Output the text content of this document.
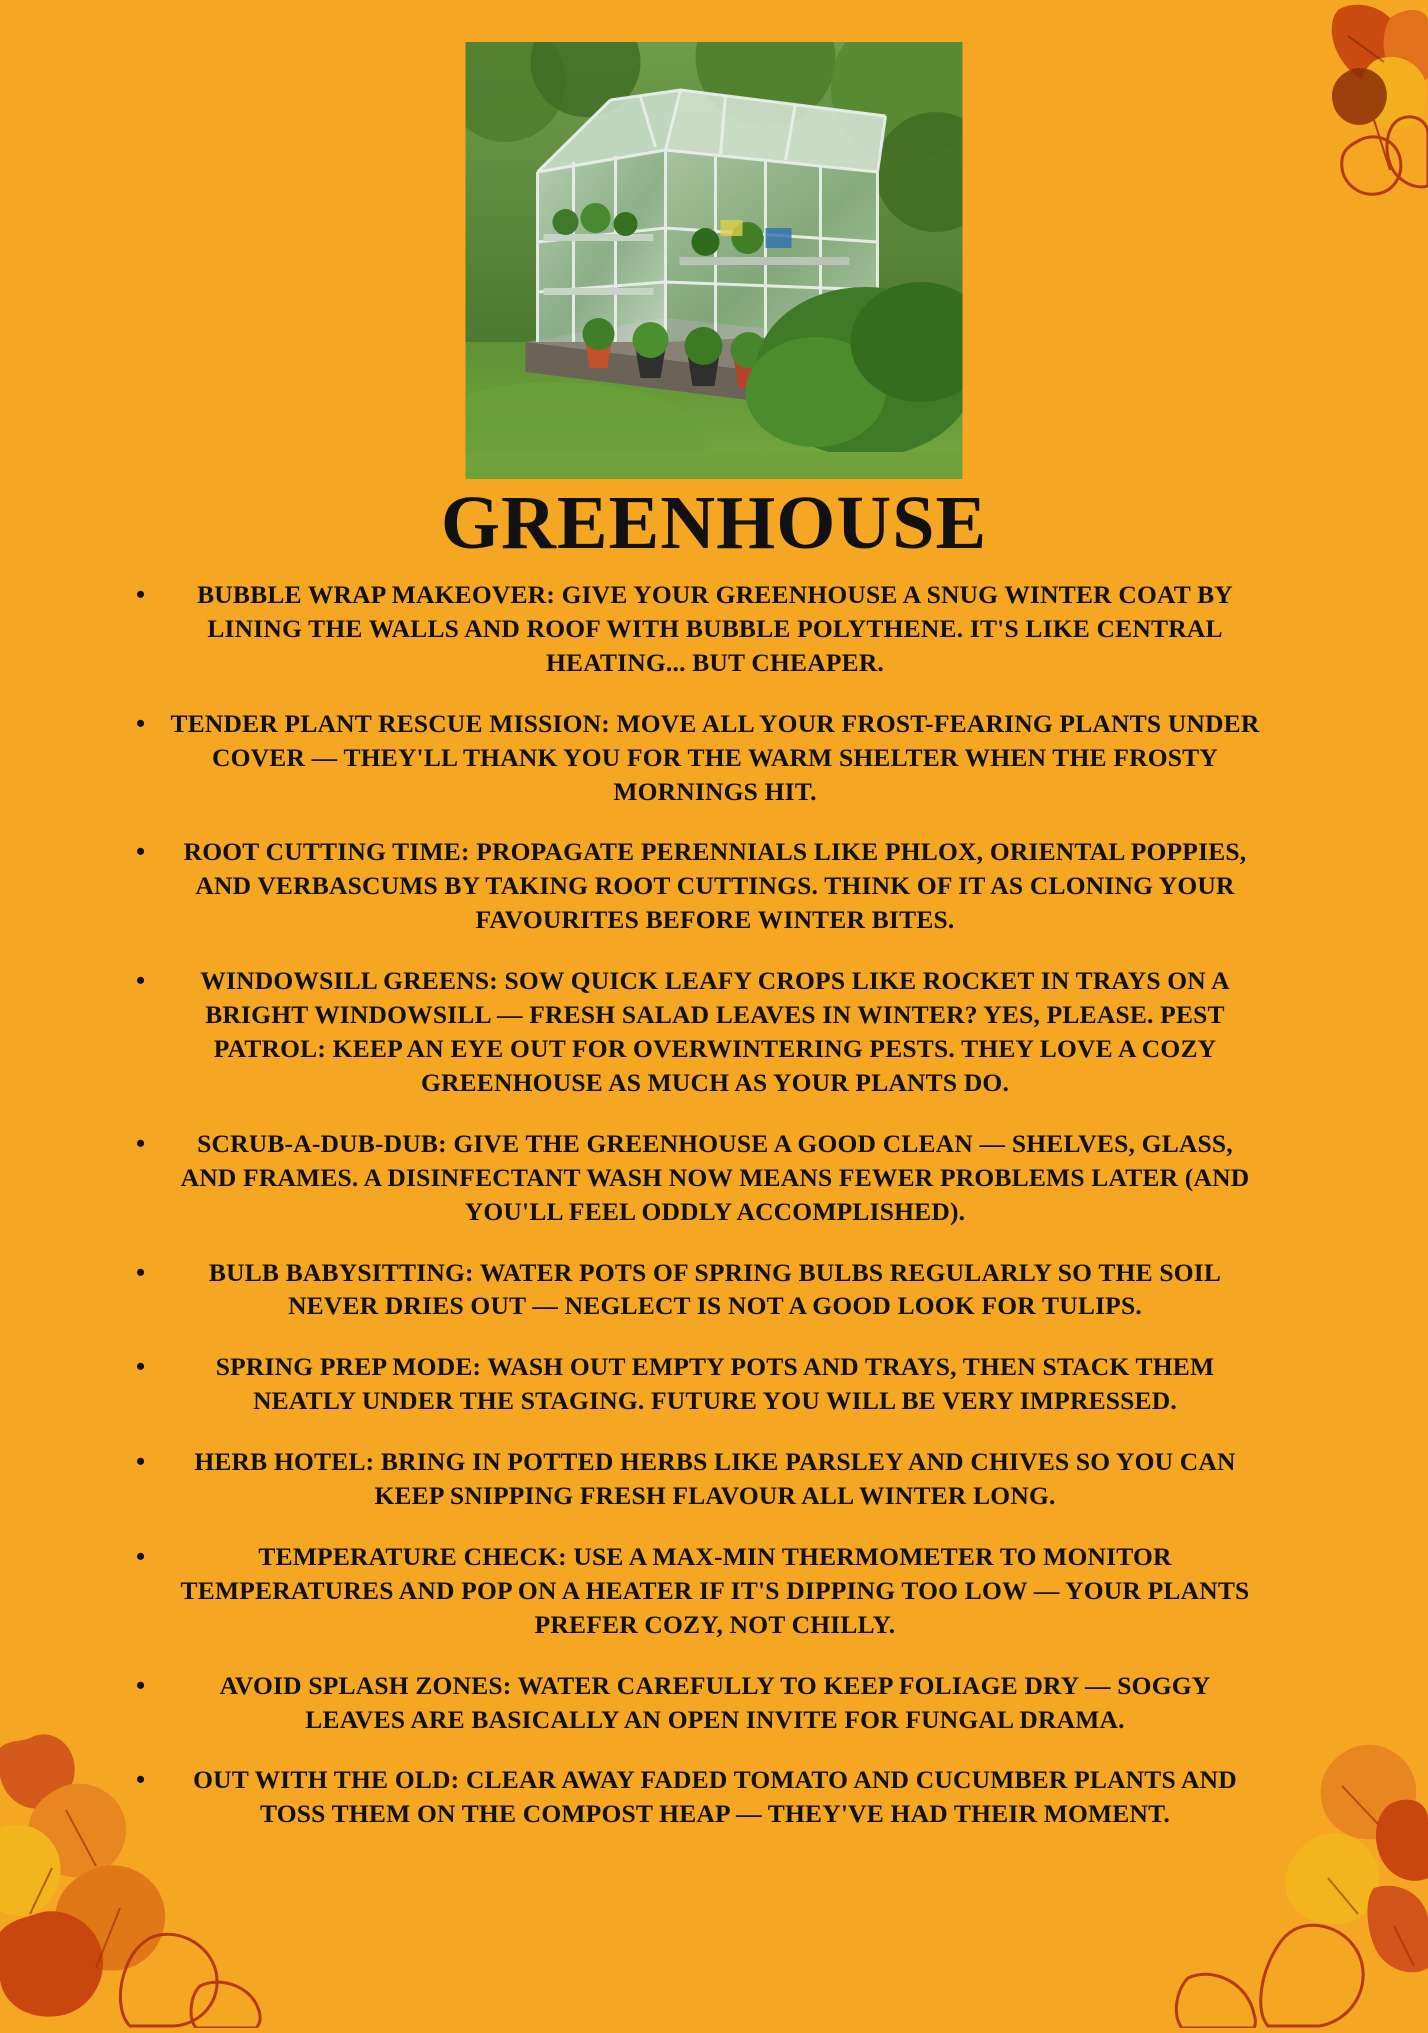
GREENHOUSE
• BUBBLE WRAP MAKEOVER: GIVE YOUR GREENHOUSE A SNUG WINTER COAT BY LINING THE WALLS AND ROOF WITH BUBBLE POLYTHENE. IT'S LIKE CENTRAL HEATING... BUT CHEAPER.
• TENDER PLANT RESCUE MISSION: MOVE ALL YOUR FROST-FEARING PLANTS UNDER COVER — THEY'LL THANK YOU FOR THE WARM SHELTER WHEN THE FROSTY MORNINGS HIT.
• ROOT CUTTING TIME: PROPAGATE PERENNIALS LIKE PHLOX, ORIENTAL POPPIES, AND VERBASCUMS BY TAKING ROOT CUTTINGS. THINK OF IT AS CLONING YOUR FAVOURITES BEFORE WINTER BITES.
• WINDOWSILL GREENS: SOW QUICK LEAFY CROPS LIKE ROCKET IN TRAYS ON A BRIGHT WINDOWSILL — FRESH SALAD LEAVES IN WINTER? YES, PLEASE. PEST PATROL: KEEP AN EYE OUT FOR OVERWINTERING PESTS. THEY LOVE A COZY GREENHOUSE AS MUCH AS YOUR PLANTS DO.
• SCRUB-A-DUB-DUB: GIVE THE GREENHOUSE A GOOD CLEAN — SHELVES, GLASS, AND FRAMES. A DISINFECTANT WASH NOW MEANS FEWER PROBLEMS LATER (AND YOU'LL FEEL ODDLY ACCOMPLISHED).
• BULB BABYSITTING: WATER POTS OF SPRING BULBS REGULARLY SO THE SOIL NEVER DRIES OUT — NEGLECT IS NOT A GOOD LOOK FOR TULIPS.
• SPRING PREP MODE: WASH OUT EMPTY POTS AND TRAYS, THEN STACK THEM NEATLY UNDER THE STAGING. FUTURE YOU WILL BE VERY IMPRESSED.
• HERB HOTEL: BRING IN POTTED HERBS LIKE PARSLEY AND CHIVES SO YOU CAN KEEP SNIPPING FRESH FLAVOUR ALL WINTER LONG.
• TEMPERATURE CHECK: USE A MAX-MIN THERMOMETER TO MONITOR TEMPERATURES AND POP ON A HEATER IF IT'S DIPPING TOO LOW — YOUR PLANTS PREFER COZY, NOT CHILLY.
• AVOID SPLASH ZONES: WATER CAREFULLY TO KEEP FOLIAGE DRY — SOGGY LEAVES ARE BASICALLY AN OPEN INVITE FOR FUNGAL DRAMA.
• OUT WITH THE OLD: CLEAR AWAY FADED TOMATO AND CUCUMBER PLANTS AND TOSS THEM ON THE COMPOST HEAP — THEY'VE HAD THEIR MOMENT.
